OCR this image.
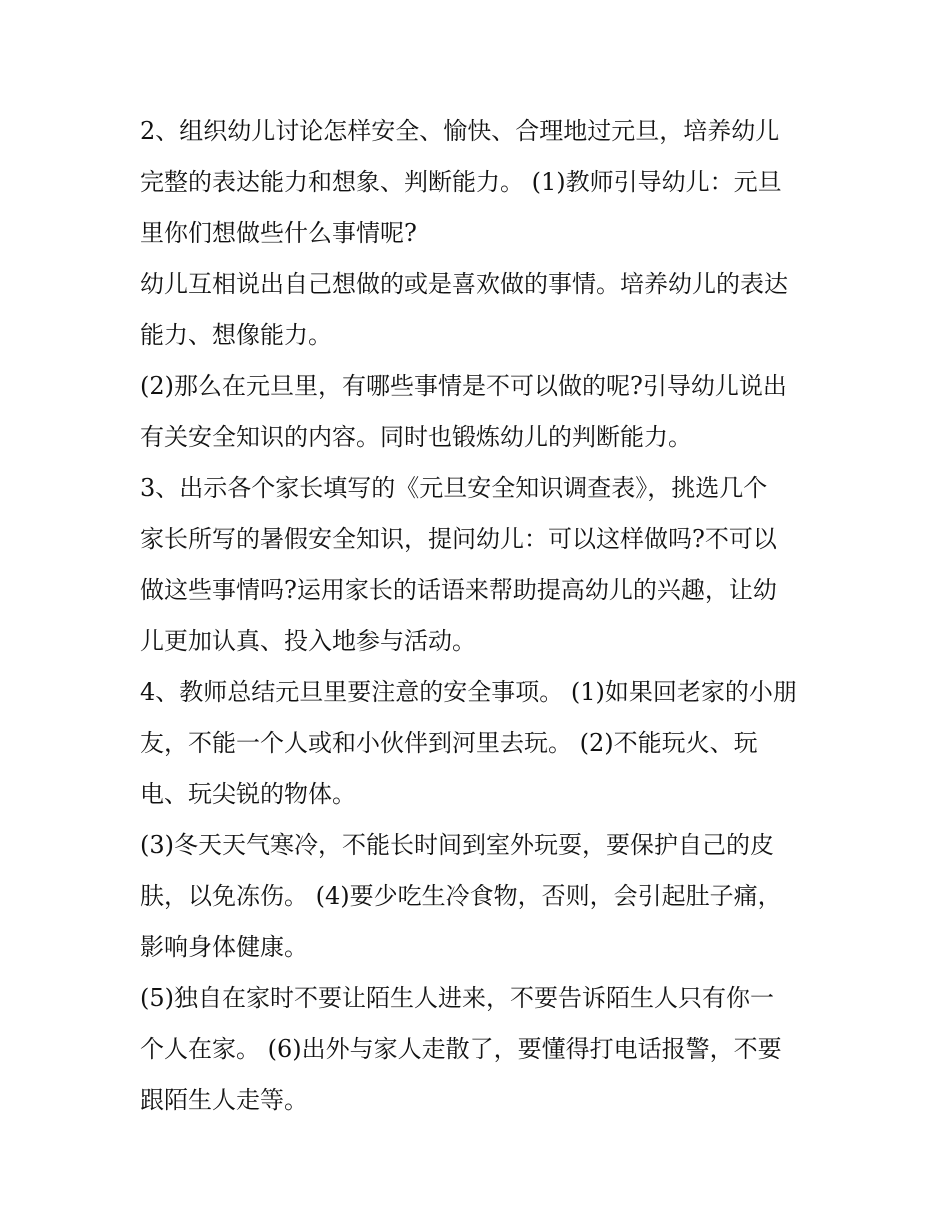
2、组织幼儿讨论怎样安全、愉快、合理地过元旦，培养幼儿
完整的表达能力和想象、判断能力。 (1)教师引导幼儿：元旦
里你们想做些什么事情呢?
幼儿互相说出自己想做的或是喜欢做的事情。培养幼儿的表达
能力、想像能力。
(2)那么在元旦里，有哪些事情是不可以做的呢?引导幼儿说出
有关安全知识的内容。同时也锻炼幼儿的判断能力。
3、出示各个家长填写的《元旦安全知识调查表》，挑选几个
家长所写的暑假安全知识，提问幼儿：可以这样做吗?不可以
做这些事情吗?运用家长的话语来帮助提高幼儿的兴趣，让幼
儿更加认真、投入地参与活动。
4、教师总结元旦里要注意的安全事项。 (1)如果回老家的小朋
友，不能一个人或和小伙伴到河里去玩。 (2)不能玩火、玩
电、玩尖锐的物体。
(3)冬天天气寒冷，不能长时间到室外玩耍，要保护自己的皮
肤，以免冻伤。 (4)要少吃生冷食物，否则，会引起肚子痛，
影响身体健康。
(5)独自在家时不要让陌生人进来，不要告诉陌生人只有你一
个人在家。 (6)出外与家人走散了，要懂得打电话报警，不要
跟陌生人走等。
